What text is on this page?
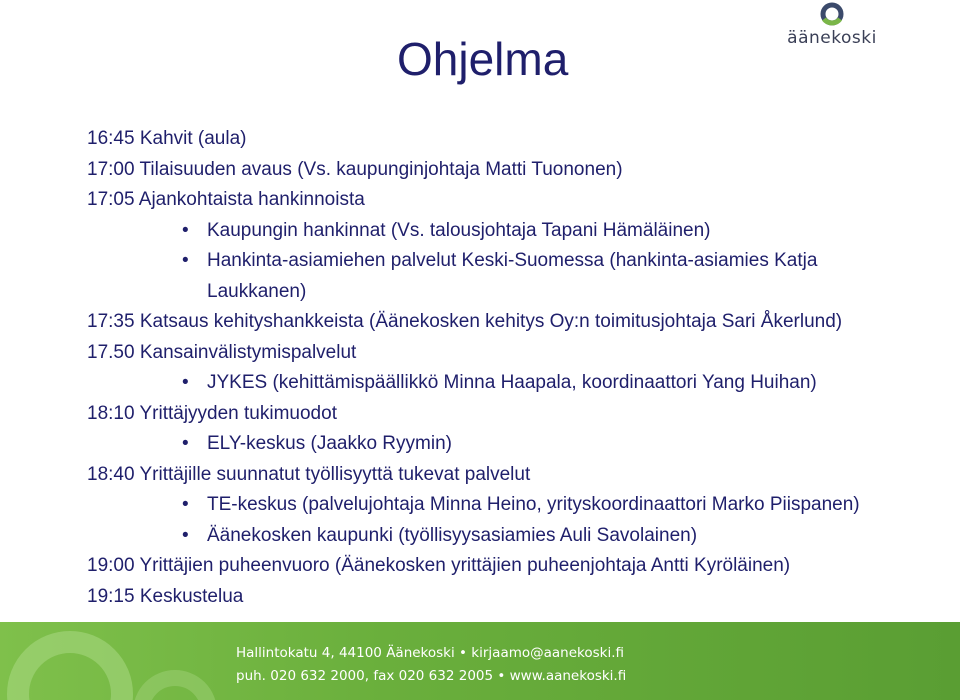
äänekoski
Ohjelma
16:45 Kahvit (aula)
17:00 Tilaisuuden avaus (Vs. kaupunginjohtaja Matti Tuononen)
17:05 Ajankohtaista hankinnoista
• Kaupungin hankinnat (Vs. talousjohtaja Tapani Hämäläinen)
• Hankinta-asiamiehen palvelut Keski-Suomessa (hankinta-asiamies Katja
Laukkanen)
17:35 Katsaus kehityshankkeista (Äänekosken kehitys Oy:n toimitusjohtaja Sari Åkerlund)
17.50 Kansainvälistymispalvelut
• JYKES (kehittämispäällikkö Minna Haapala, koordinaattori Yang Huihan)
18:10 Yrittäjyyden tukimuodot
• ELY-keskus (Jaakko Ryymin)
18:40 Yrittäjille suunnatut työllisyyttä tukevat palvelut
• TE-keskus (palvelujohtaja Minna Heino, yrityskoordinaattori Marko Piispanen)
• Äänekosken kaupunki (työllisyysasiamies Auli Savolainen)
19:00 Yrittäjien puheenvuoro (Äänekosken yrittäjien puheenjohtaja Antti Kyröläinen)
19:15 Keskustelua
Hallintokatu 4, 44100 Äänekoski • kirjaamo@aanekoski.fi
puh. 020 632 2000, fax 020 632 2005 • www.aanekoski.fi
